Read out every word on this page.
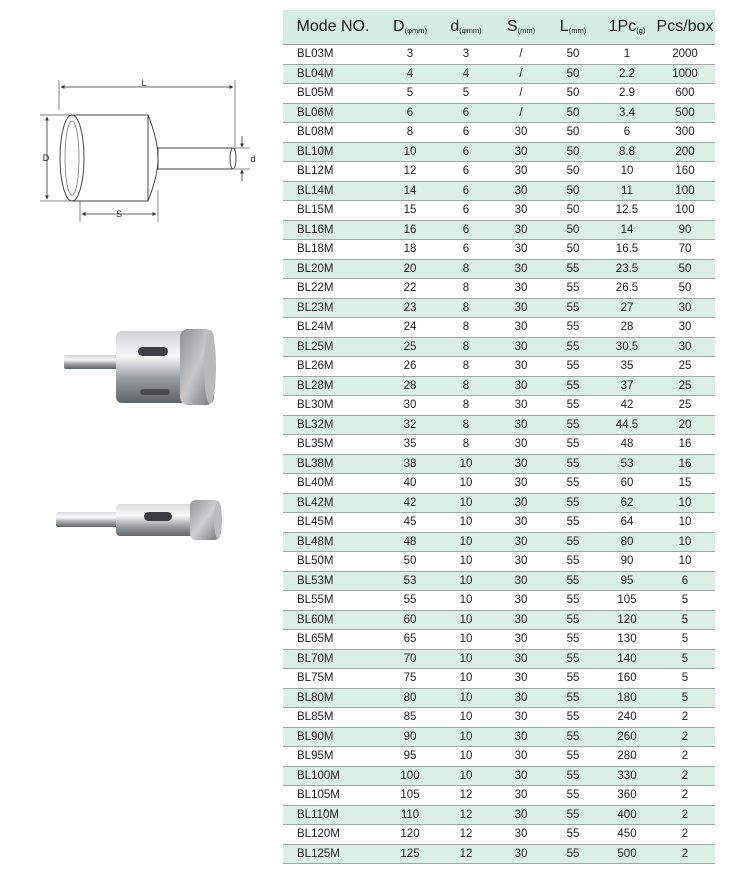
L
D	d
S
Mode NO.	$D_{(\varphi mm)}$	$d_{(\varphi mm)}$	$S_{(mm)}$	$L_{(mm)}$	$1Pc_{(g)}$	Pcs/box
BL03M	3	3	/	50	1	2000
BL04M	4	4	/	50	2.2	1000
BL05M	5	5	/	50	2.9	600
BL06M	6	6	/	50	3.4	500
BL08M	8	6	30	50	6	300
BL10M	10	6	30	50	8.8	200
BL12M	12	6	30	50	10	160
BL14M	14	6	30	50	11	100
BL15M	15	6	30	50	12.5	100
BL16M	16	6	30	50	14	90
BL18M	18	6	30	50	16.5	70
BL20M	20	8	30	55	23.5	50
BL22M	22	8	30	55	26.5	50
BL23M	23	8	30	55	27	30
BL24M	24	8	30	55	28	30
BL25M	25	8	30	55	30.5	30
BL26M	26	8	30	55	35	25
BL28M	28	8	30	55	37	25
BL30M	30	8	30	55	42	25
BL32M	32	8	30	55	44.5	20
BL35M	35	8	30	55	48	16
BL38M	38	10	30	55	53	16
BL40M	40	10	30	55	60	15
BL42M	42	10	30	55	62	10
BL45M	45	10	30	55	64	10
BL48M	48	10	30	55	80	10
BL50M	50	10	30	55	90	10
BL53M	53	10	30	55	95	6
BL55M	55	10	30	55	105	5
BL60M	60	10	30	55	120	5
BL65M	65	10	30	55	130	5
BL70M	70	10	30	55	140	5
BL75M	75	10	30	55	160	5
BL80M	80	10	30	55	180	5
BL85M	85	10	30	55	240	2
BL90M	90	10	30	55	260	2
BL95M	95	10	30	55	280	2
BL100M	100	10	30	55	330	2
BL105M	105	12	30	55	360	2
BL110M	110	12	30	55	400	2
BL120M	120	12	30	55	450	2
BL125M	125	12	30	55	500	2
